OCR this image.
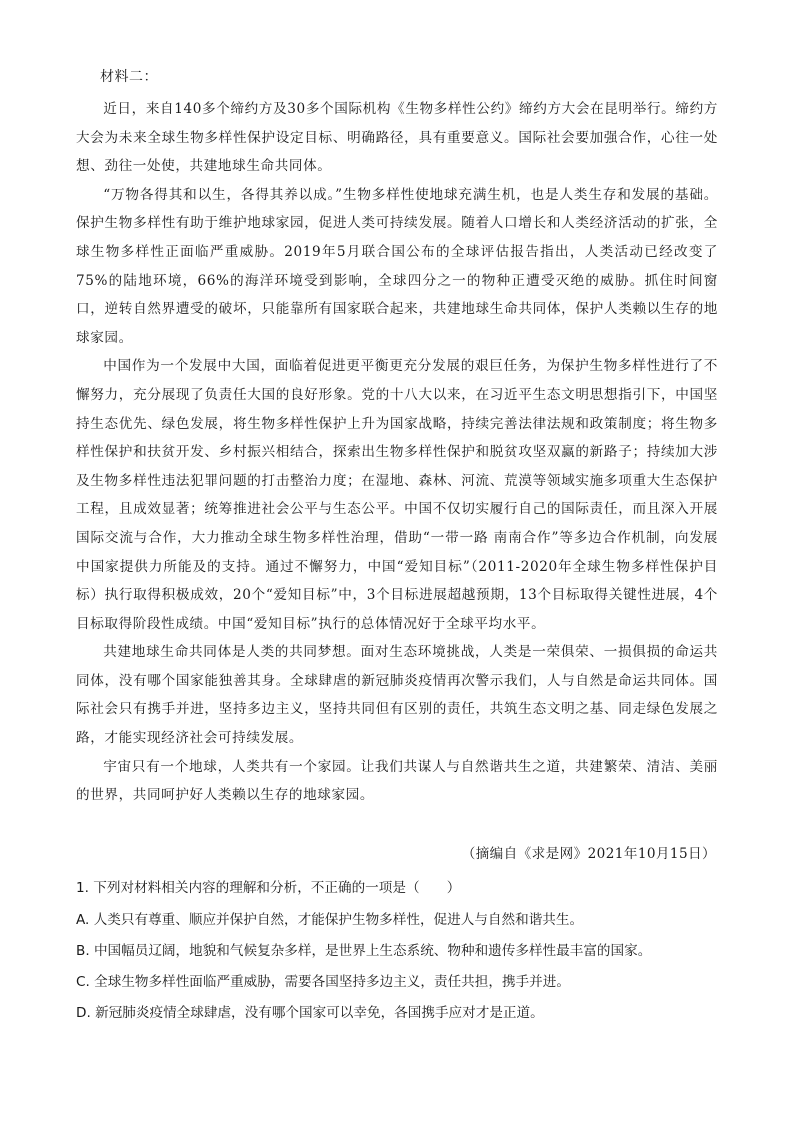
材料二：

近日，来自140多个缔约方及30多个国际机构《生物多样性公约》缔约方大会在昆明举行。缔约方大会为未来全球生物多样性保护设定目标、明确路径，具有重要意义。国际社会要加强合作，心往一处想、劲往一处使，共建地球生命共同体。

“万物各得其和以生，各得其养以成。”生物多样性使地球充满生机，也是人类生存和发展的基础。保护生物多样性有助于维护地球家园，促进人类可持续发展。随着人口增长和人类经济活动的扩张，全球生物多样性正面临严重威胁。2019年5月联合国公布的全球评估报告指出，人类活动已经改变了75%的陆地环境，66%的海洋环境受到影响，全球四分之一的物种正遭受灭绝的威胁。抓住时间窗口，逆转自然界遭受的破坏，只能靠所有国家联合起来，共建地球生命共同体，保护人类赖以生存的地球家园。

中国作为一个发展中大国，面临着促进更平衡更充分发展的艰巨任务，为保护生物多样性进行了不懈努力，充分展现了负责任大国的良好形象。党的十八大以来，在习近平生态文明思想指引下，中国坚持生态优先、绿色发展，将生物多样性保护上升为国家战略，持续完善法律法规和政策制度；将生物多样性保护和扶贫开发、乡村振兴相结合，探索出生物多样性保护和脱贫攻坚双赢的新路子；持续加大涉及生物多样性违法犯罪问题的打击整治力度；在湿地、森林、河流、荒漠等领域实施多项重大生态保护工程，且成效显著；统筹推进社会公平与生态公平。中国不仅切实履行自己的国际责任，而且深入开展国际交流与合作，大力推动全球生物多样性治理，借助“一带一路 南南合作”等多边合作机制，向发展中国家提供力所能及的支持。通过不懈努力，中国“爱知目标”（2011-2020年全球生物多样性保护目标）执行取得积极成效，20个“爱知目标”中，3个目标进展超越预期，13个目标取得关键性进展，4个目标取得阶段性成绩。中国“爱知目标”执行的总体情况好于全球平均水平。

共建地球生命共同体是人类的共同梦想。面对生态环境挑战，人类是一荣俱荣、一损俱损的命运共同体，没有哪个国家能独善其身。全球肆虐的新冠肺炎疫情再次警示我们，人与自然是命运共同体。国际社会只有携手并进，坚持多边主义，坚持共同但有区别的责任，共筑生态文明之基、同走绿色发展之路，才能实现经济社会可持续发展。

宇宙只有一个地球，人类共有一个家园。让我们共谋人与自然谐共生之道，共建繁荣、清洁、美丽的世界，共同呵护好人类赖以生存的地球家园。

（摘编自《求是网》2021年10月15日）

1. 下列对材料相关内容的理解和分析，不正确的一项是（　　）

A. 人类只有尊重、顺应并保护自然，才能保护生物多样性，促进人与自然和谐共生。

B. 中国幅员辽阔，地貌和气候复杂多样，是世界上生态系统、物种和遗传多样性最丰富的国家。

C. 全球生物多样性面临严重威胁，需要各国坚持多边主义，责任共担，携手并进。

D. 新冠肺炎疫情全球肆虐，没有哪个国家可以幸免，各国携手应对才是正道。
